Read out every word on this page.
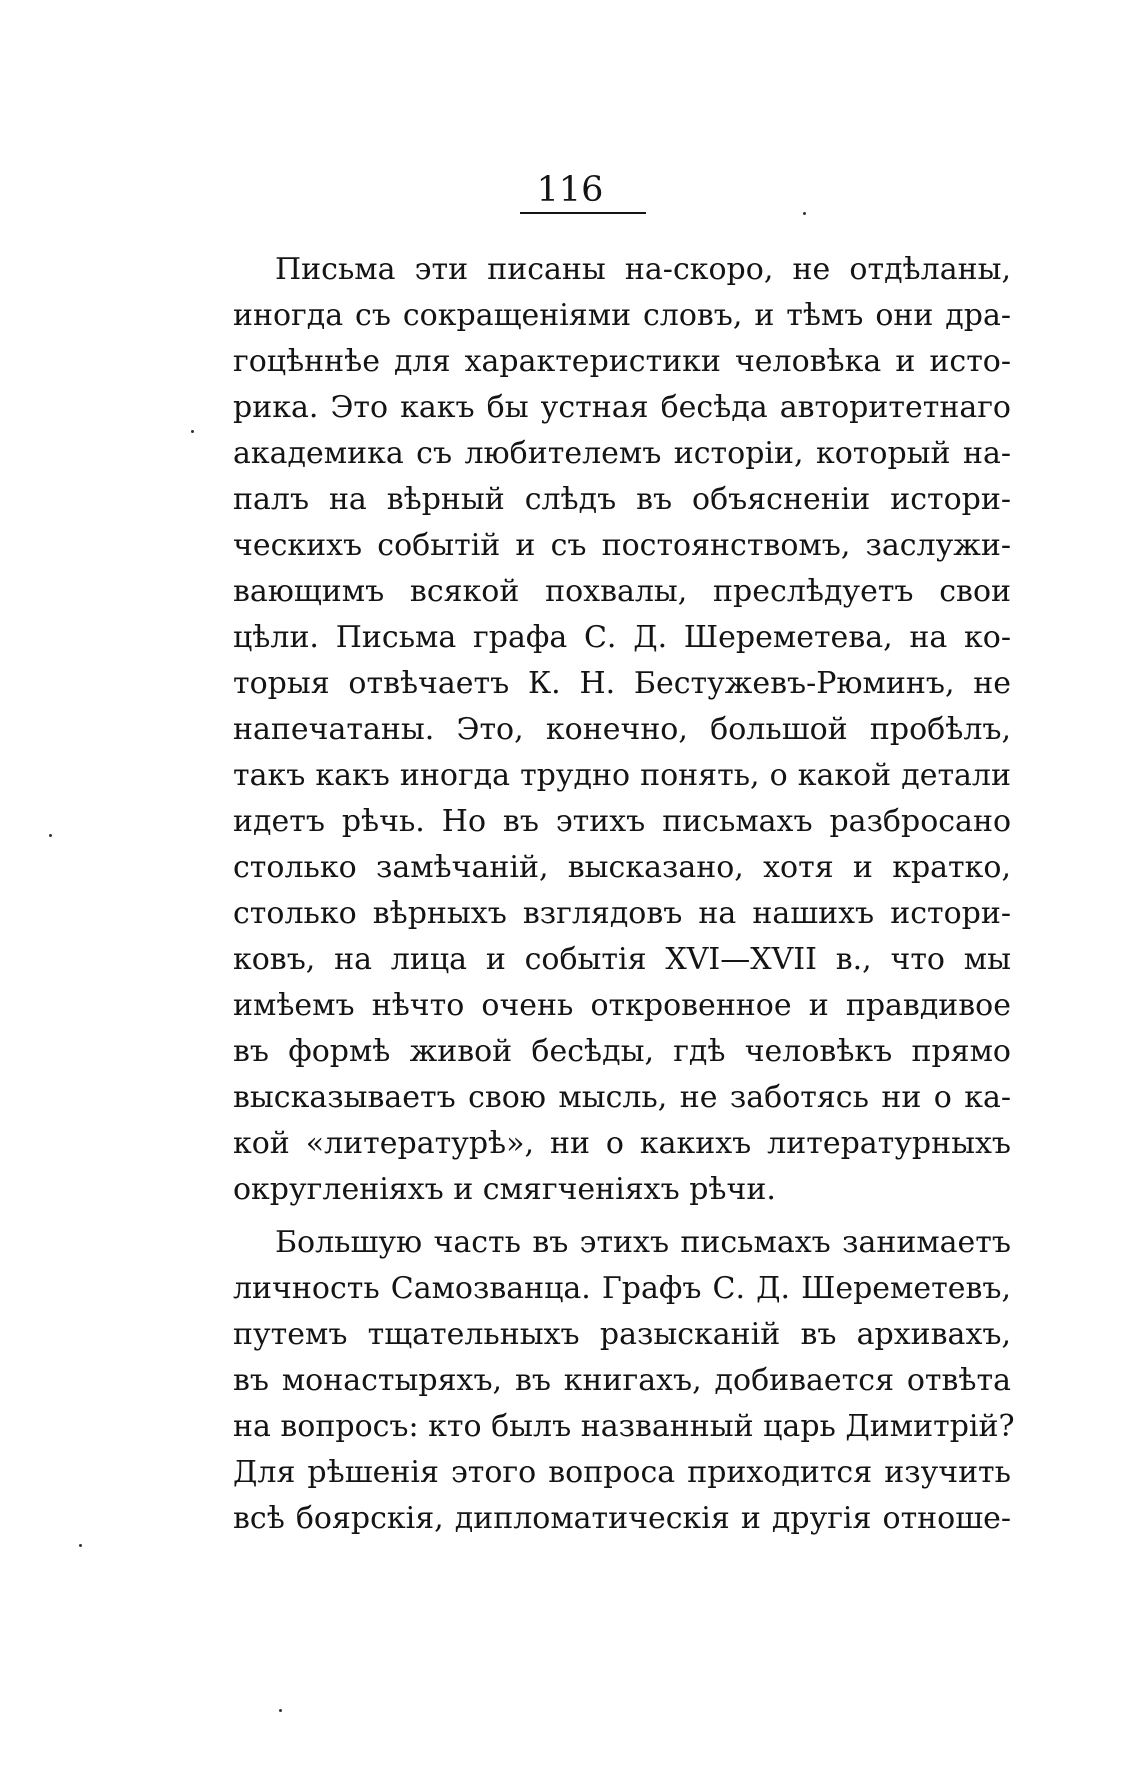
116

Письма эти писаны на-скоро, не отдѣланы,
иногда съ сокращеніями словъ, и тѣмъ они дра-
гоцѣннѣе для характеристики человѣка и исто-
рика. Это какъ бы устная бесѣда авторитетнаго
академика съ любителемъ исторіи, который на-
палъ на вѣрный слѣдъ въ объясненіи истори-
ческихъ событій и съ постоянствомъ, заслужи-
вающимъ всякой похвалы, преслѣдуетъ свои
цѣли. Письма графа С. Д. Шереметева, на ко-
торыя отвѣчаетъ К. Н. Бестужевъ-Рюминъ, не
напечатаны. Это, конечно, большой пробѣлъ,
такъ какъ иногда трудно понять, о какой детали
идетъ рѣчь. Но въ этихъ письмахъ разбросано
столько замѣчаній, высказано, хотя и кратко,
столько вѣрныхъ взглядовъ на нашихъ истори-
ковъ, на лица и событія XVI—XVII в., что мы
имѣемъ нѣчто очень откровенное и правдивое
въ формѣ живой бесѣды, гдѣ человѣкъ прямо
высказываетъ свою мысль, не заботясь ни о ка-
кой «литературѣ», ни о какихъ литературныхъ
округленіяхъ и смягченіяхъ рѣчи.
Большую часть въ этихъ письмахъ занимаетъ
личность Самозванца. Графъ С. Д. Шереметевъ,
путемъ тщательныхъ разысканій въ архивахъ,
въ монастыряхъ, въ книгахъ, добивается отвѣта
на вопросъ: кто былъ названный царь Димитрій?
Для рѣшенія этого вопроса приходится изучить
всѣ боярскія, дипломатическія и другія отноше-
